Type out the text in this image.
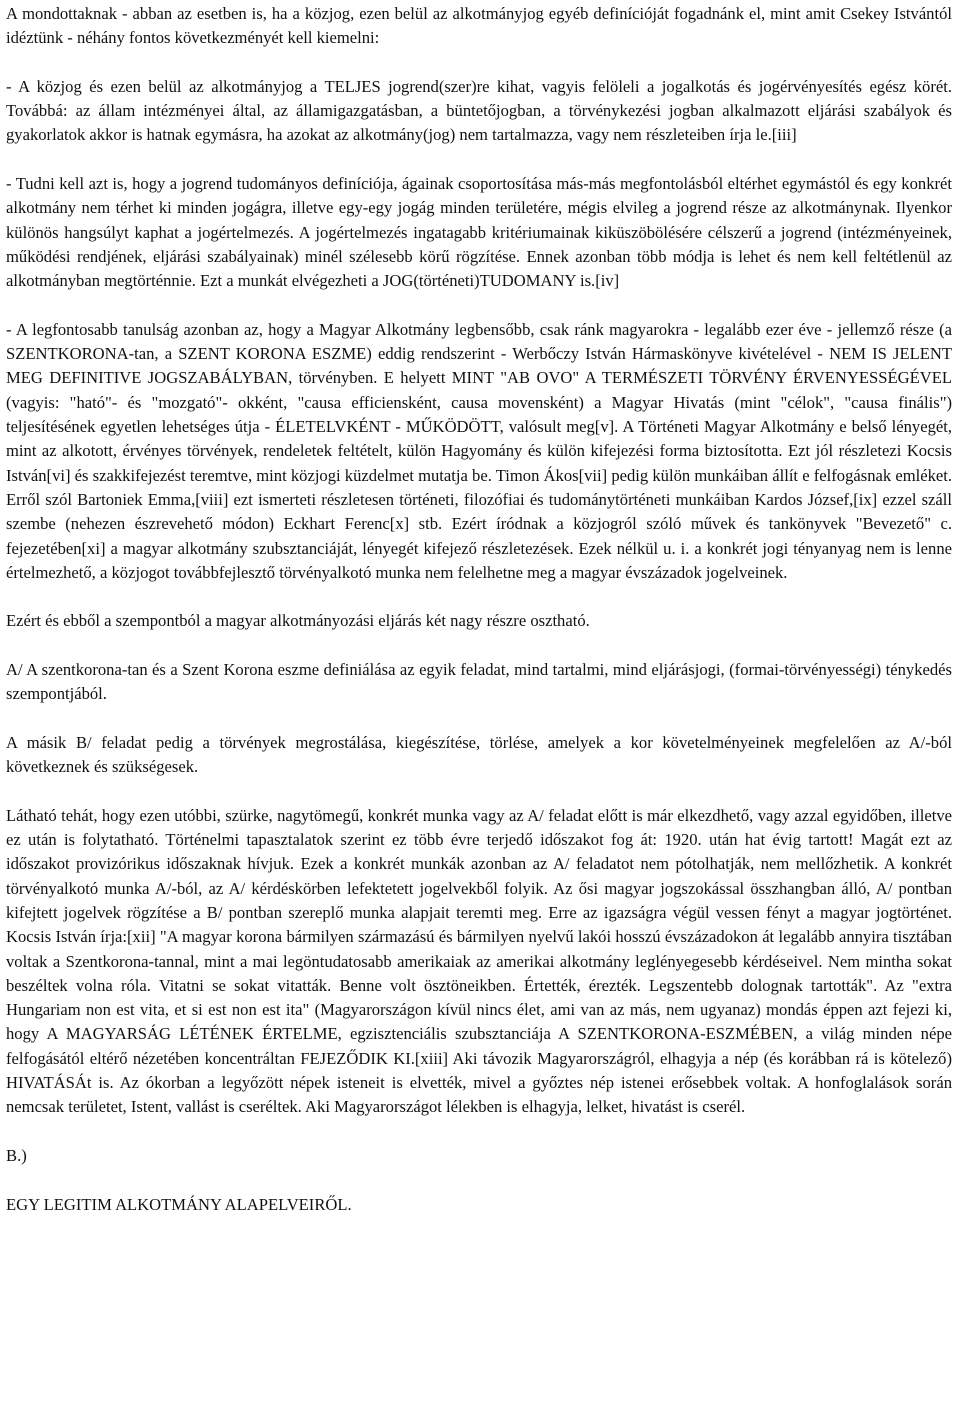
A mondottaknak - abban az esetben is, ha a közjog, ezen belül az alkotmányjog egyéb definícióját fogadnánk el, mint amit Csekey Istvántól idéztünk - néhány fontos következményét kell kiemelni:

- A közjog és ezen belül az alkotmányjog a TELJES jogrend(szer)re kihat, vagyis felöleli a jogalkotás és jogérvényesítés egész körét. Továbbá: az állam intézményei által, az államigazgatásban, a büntetőjogban, a törvénykezési jogban alkalmazott eljárási szabályok és gyakorlatok akkor is hatnak egymásra, ha azokat az alkotmány(jog) nem tartalmazza, vagy nem részleteiben írja le.[iii]

- Tudni kell azt is, hogy a jogrend tudományos definíciója, ágainak csoportosítása más-más megfontolásból eltérhet egymástól és egy konkrét alkotmány nem térhet ki minden jogágra, illetve egy-egy jogág minden területére, mégis elvileg a jogrend része az alkotmánynak. Ilyenkor különös hangsúlyt kaphat a jogértelmezés. A jogértelmezés ingatagabb kritériumainak kiküszöbölésére célszerű a jogrend (intézményeinek, működési rendjének, eljárási szabályainak) minél szélesebb körű rögzítése. Ennek azonban több módja is lehet és nem kell feltétlenül az alkotmányban megtörténnie. Ezt a munkát elvégezheti a JOG(történeti)TUDOMANY is.[iv]

- A legfontosabb tanulság azonban az, hogy a Magyar Alkotmány legbensőbb, csak ránk magyarokra - legalább ezer éve - jellemző része (a SZENTKORONA-tan, a SZENT KORONA ESZME) eddig rendszerint - Werbőczy István Hármaskönyve kivételével - NEM IS JELENT MEG DEFINITIVE JOGSZABÁLYBAN, törvényben. E helyett MINT "AB OVO" A TERMÉSZETI TÖRVÉNY ÉRVENYESSÉGÉVEL (vagyis: "ható"- és "mozgató"- okként, "causa efficiensként, causa movensként) a Magyar Hivatás (mint "célok", "causa finális") teljesítésének egyetlen lehetséges útja - ÉLETELVKÉNT - MŰKÖDÖTT, valósult meg[v]. A Történeti Magyar Alkotmány e belső lényegét, mint az alkotott, érvényes törvények, rendeletek feltételt, külön Hagyomány és külön kifejezési forma biztosította. Ezt jól részletezi Kocsis István[vi] és szakkifejezést teremtve, mint közjogi küzdelmet mutatja be. Timon Ákos[vii] pedig külön munkáiban állít e felfogásnak emléket. Erről szól Bartoniek Emma,[viii] ezt ismerteti részletesen történeti, filozófiai és tudománytörténeti munkáiban Kardos József,[ix] ezzel száll szembe (nehezen észrevehető módon) Eckhart Ferenc[x] stb. Ezért íródnak a közjogról szóló művek és tankönyvek "Bevezető" c. fejezetében[xi] a magyar alkotmány szubsztanciáját, lényegét kifejező részletezések. Ezek nélkül u. i. a konkrét jogi tényanyag nem is lenne értelmezhető, a közjogot továbbfejlesztő törvényalkotó munka nem felelhetne meg a magyar évszázadok jogelveinek.

Ezért és ebből a szempontból a magyar alkotmányozási eljárás két nagy részre osztható.

A/ A szentkorona-tan és a Szent Korona eszme definiálása az egyik feladat, mind tartalmi, mind eljárásjogi, (formai-törvényességi) ténykedés szempontjából.

A másik B/ feladat pedig a törvények megrostálása, kiegészítése, törlése, amelyek a kor követelményeinek megfelelően az A/-ból következnek és szükségesek.

Látható tehát, hogy ezen utóbbi, szürke, nagytömegű, konkrét munka vagy az A/ feladat előtt is már elkezdhető, vagy azzal egyidőben, illetve ez után is folytatható. Történelmi tapasztalatok szerint ez több évre terjedő időszakot fog át: 1920. után hat évig tartott! Magát ezt az időszakot provizórikus időszaknak hívjuk. Ezek a konkrét munkák azonban az A/ feladatot nem pótolhatják, nem mellőzhetik. A konkrét törvényalkotó munka A/-ból, az A/ kérdéskörben lefektetett jogelvekből folyik. Az ősi magyar jogszokással összhangban álló, A/ pontban kifejtett jogelvek rögzítése a B/ pontban szereplő munka alapjait teremti meg. Erre az igazságra végül vessen fényt a magyar jogtörténet. Kocsis István írja:[xii] "A magyar korona bármilyen származású és bármilyen nyelvű lakói hosszú évszázadokon át legalább annyira tisztában voltak a Szentkorona-tannal, mint a mai legöntudatosabb amerikaiak az amerikai alkotmány leglényegesebb kérdéseivel. Nem mintha sokat beszéltek volna róla. Vitatni se sokat vitatták. Benne volt ösztöneikben. Értették, érezték. Legszentebb dolognak tartották". Az "extra Hungariam non est vita, et si est non est ita" (Magyarországon kívül nincs élet, ami van az más, nem ugyanaz) mondás éppen azt fejezi ki, hogy A MAGYARSÁG LÉTÉNEK ÉRTELME, egzisztenciális szubsztanciája A SZENTKORONA-ESZMÉBEN, a világ minden népe felfogásától eltérő nézetében koncentráltan FEJEZŐDIK KI.[xiii] Aki távozik Magyarországról, elhagyja a nép (és korábban rá is kötelező) HIVATÁSÁt is. Az ókorban a legyőzött népek isteneit is elvették, mivel a győztes nép istenei erősebbek voltak. A honfoglalások során nemcsak területet, Istent, vallást is cseréltek. Aki Magyarországot lélekben is elhagyja, lelket, hivatást is cserél.

B.)

EGY LEGITIM ALKOTMÁNY ALAPELVEIRŐL.
